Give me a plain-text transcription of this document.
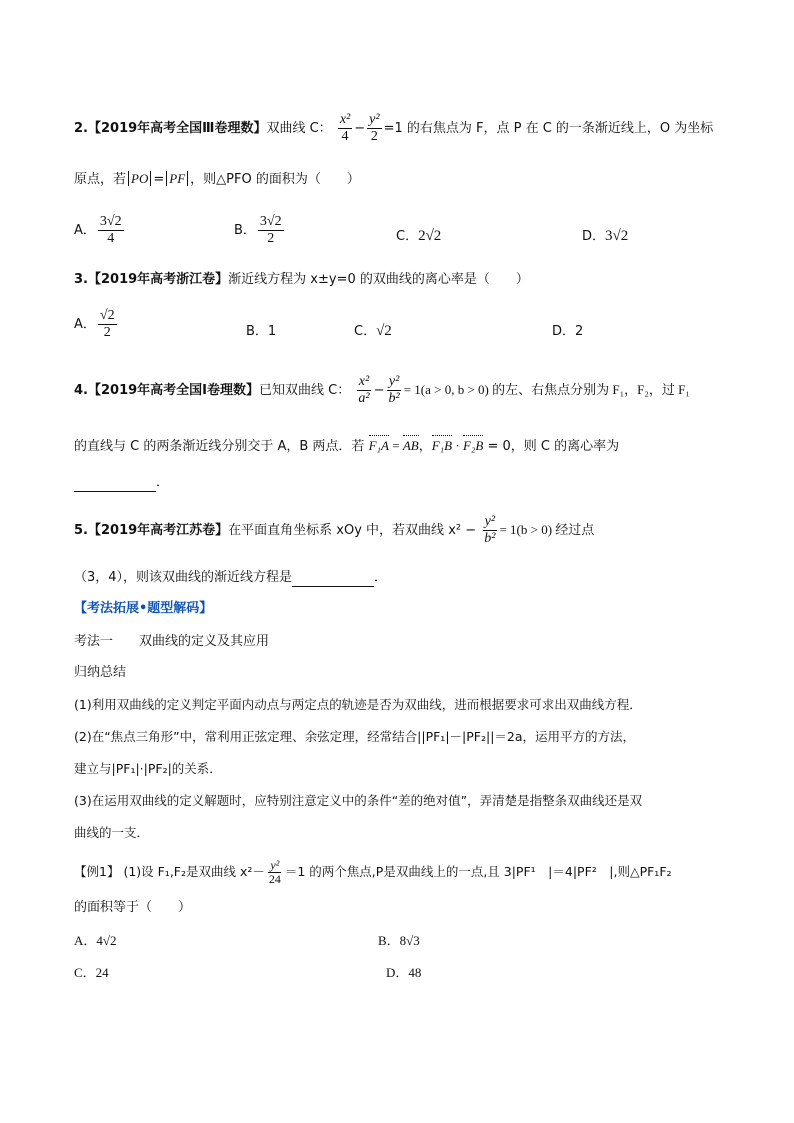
2.【2019年高考全国Ⅲ卷理数】双曲线 C： $\frac{\text{x²}}{4} - \frac{\text{y²}}{2} =1$ 的右焦点为 F，点 P 在 C 的一条渐近线上，O 为坐标
原点，若 PO = PF ，则△PFO 的面积为（　　）
A． $\frac{3√2}{4}$	B． $\frac{3√2}{2}$	C．2√2	D．3√2
3.【2019年高考浙江卷】渐近线方程为 x±y=0 的双曲线的离心率是（　　）
A． $\frac{√2}{2}$	B．1	C．√2	D．2
4.【2019年高考全国Ⅰ卷理数】已知双曲线 C： $\frac{\text{x²}}{\text{a²}} - \frac{\text{y²}}{\text{b²}} = 1(a > 0$, b > 0) 的左、右焦点分别为 F₁，F₂，过 F₁
的直线与 C 的两条渐近线分别交于 A，B 两点．若 F₁A = AB，F₁B · F₂B = 0，则 C 的离心率为
．
5.【2019年高考江苏卷】在平面直角坐标系 xOy 中，若双曲线 $x^2 - \frac{\text{y²}}{\text{b²}} = 1(b > 0)$ 经过点
（3，4），则该双曲线的渐近线方程是	．
【考法拓展•题型解码】
考法一　　双曲线的定义及其应用
归纳总结
(1)利用双曲线的定义判定平面内动点与两定点的轨迹是否为双曲线，进而根据要求可求出双曲线方程．
(2)在“焦点三角形”中，常利用正弦定理、余弦定理，经常结合||PF₁|－|PF₂||＝2a，运用平方的方法，
建立与|PF₁|·|PF₂|的关系．
(3)在运用双曲线的定义解题时，应特别注意定义中的条件“差的绝对值”，弄清楚是指整条双曲线还是双
曲线的一支．
【例1】 (1)设 F₁,F₂是双曲线 $x^2- \frac{\text{y²}}{24} =1$ 的两个焦点,P是双曲线上的一点,且 3|PF¹　|＝4|PF²　|,则△PF₁F₂
的面积等于（　　）
A．4√2	B．8√3
C．24	D．48
